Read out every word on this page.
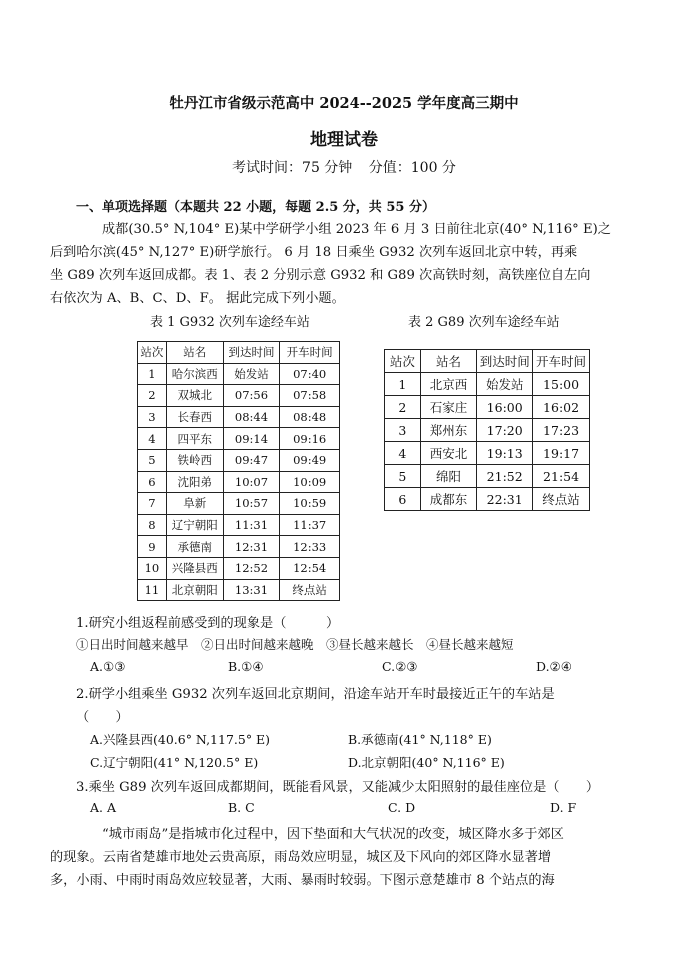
牡丹江市省级示范高中 2024--2025 学年度高三期中
地理试卷
考试时间：75 分钟 分值：100 分
一、单项选择题（本题共 22 小题，每题 2.5 分，共 55 分）
成都(30.5° N,104° E)某中学研学小组 2023 年 6 月 3 日前往北京(40° N,116° E)之
后到哈尔滨(45° N,127° E)研学旅行。 6 月 18 日乘坐 G932 次列车返回北京中转，再乘
坐 G89 次列车返回成都。表 1、表 2 分别示意 G932 和 G89 次高铁时刻，高铁座位自左向
右依次为 A、B、C、D、F。 据此完成下列小题。
表 1 G932 次列车途经车站	表 2 G89 次列车途经车站
站次	站名	到达时间	开车时间
1	哈尔滨西	始发站	07:40
2	双城北	07:56	07:58
3	长春西	08:44	08:48
4	四平东	09:14	09:16
5	铁岭西	09:47	09:49
6	沈阳弟	10:07	10:09
7	阜新	10:57	10:59
8	辽宁朝阳	11:31	11:37
9	承德南	12:31	12:33
10	兴隆县西	12:52	12:54
11	北京朝阳	13:31	终点站
站次	站名	到达时间	开车时间
1	北京西	始发站	15:00
2	石家庄	16:00	16:02
3	郑州东	17:20	17:23
4	西安北	19:13	19:17
5	绵阳	21:52	21:54
6	成都东	22:31	终点站
1.研究小组返程前感受到的现象是（　　　）
①日出时间越来越早　②日出时间越来越晚　③昼长越来越长　④昼长越来越短
A.①③	B.①④	C.②③	D.②④
2.研学小组乘坐 G932 次列车返回北京期间，沿途车站开车时最接近正午的车站是
（　　）
A.兴隆县西(40.6° N,117.5° E)	B.承德南(41° N,118° E)
C.辽宁朝阳(41° N,120.5° E)	D.北京朝阳(40° N,116° E)
3.乘坐 G89 次列车返回成都期间，既能看风景，又能减少太阳照射的最佳座位是（　　）
A. A	B. C	C. D	D. F
“城市雨岛”是指城市化过程中，因下垫面和大气状况的改变，城区降水多于郊区
的现象。云南省楚雄市地处云贵高原，雨岛效应明显，城区及下风向的郊区降水显著增
多，小雨、中雨时雨岛效应较显著，大雨、暴雨时较弱。下图示意楚雄市 8 个站点的海
